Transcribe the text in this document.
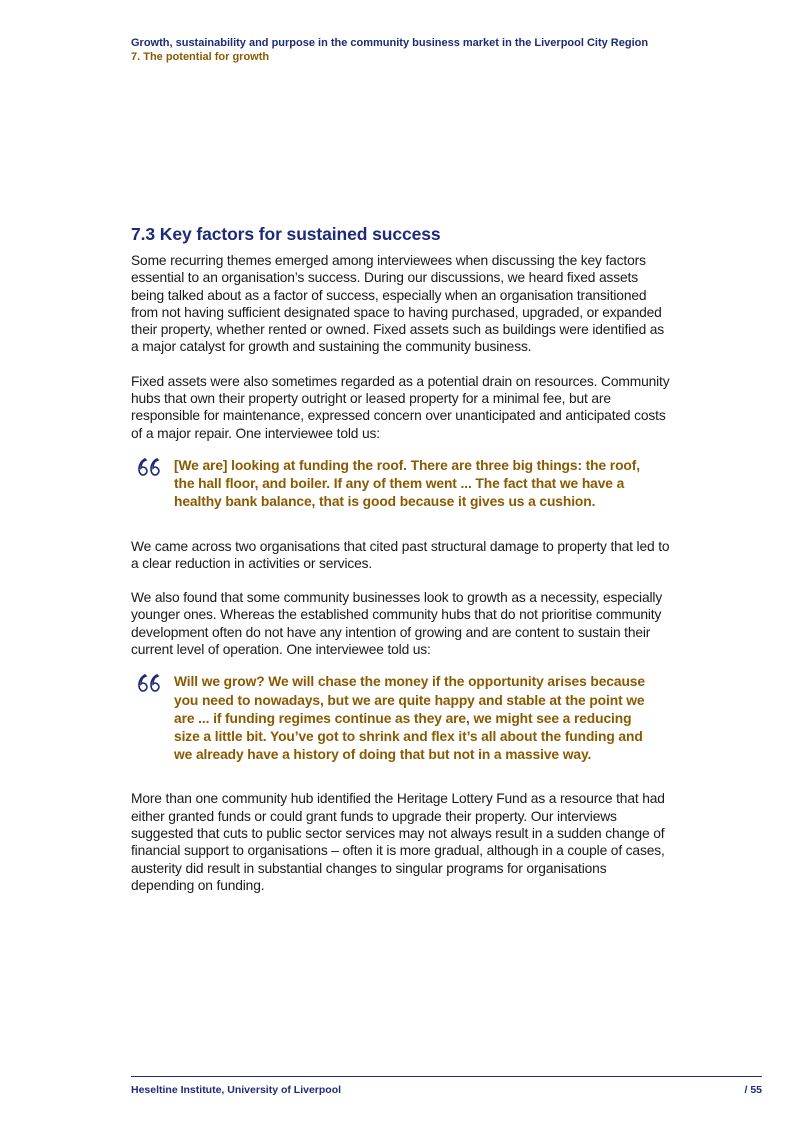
Growth, sustainability and purpose in the community business market in the Liverpool City Region
7. The potential for growth
7.3 Key factors for sustained success

Some recurring themes emerged among interviewees when discussing the key factors essential to an organisation’s success. During our discussions, we heard fixed assets being talked about as a factor of success, especially when an organisation transitioned from not having sufficient designated space to having purchased, upgraded, or expanded their property, whether rented or owned. Fixed assets such as buildings were identified as a major catalyst for growth and sustaining the community business.

Fixed assets were also sometimes regarded as a potential drain on resources. Community hubs that own their property outright or leased property for a minimal fee, but are responsible for maintenance, expressed concern over unanticipated and anticipated costs of a major repair. One interviewee told us:

[We are] looking at funding the roof. There are three big things: the roof, the hall floor, and boiler. If any of them went ... The fact that we have a healthy bank balance, that is good because it gives us a cushion.

We came across two organisations that cited past structural damage to property that led to a clear reduction in activities or services.

We also found that some community businesses look to growth as a necessity, especially younger ones. Whereas the established community hubs that do not prioritise community development often do not have any intention of growing and are content to sustain their current level of operation. One interviewee told us:

Will we grow? We will chase the money if the opportunity arises because you need to nowadays, but we are quite happy and stable at the point we are ... if funding regimes continue as they are, we might see a reducing size a little bit. You’ve got to shrink and flex it’s all about the funding and we already have a history of doing that but not in a massive way.

More than one community hub identified the Heritage Lottery Fund as a resource that had either granted funds or could grant funds to upgrade their property. Our interviews suggested that cuts to public sector services may not always result in a sudden change of financial support to organisations – often it is more gradual, although in a couple of cases, austerity did result in substantial changes to singular programs for organisations depending on funding.

Heseltine Institute, University of Liverpool	/ 55
